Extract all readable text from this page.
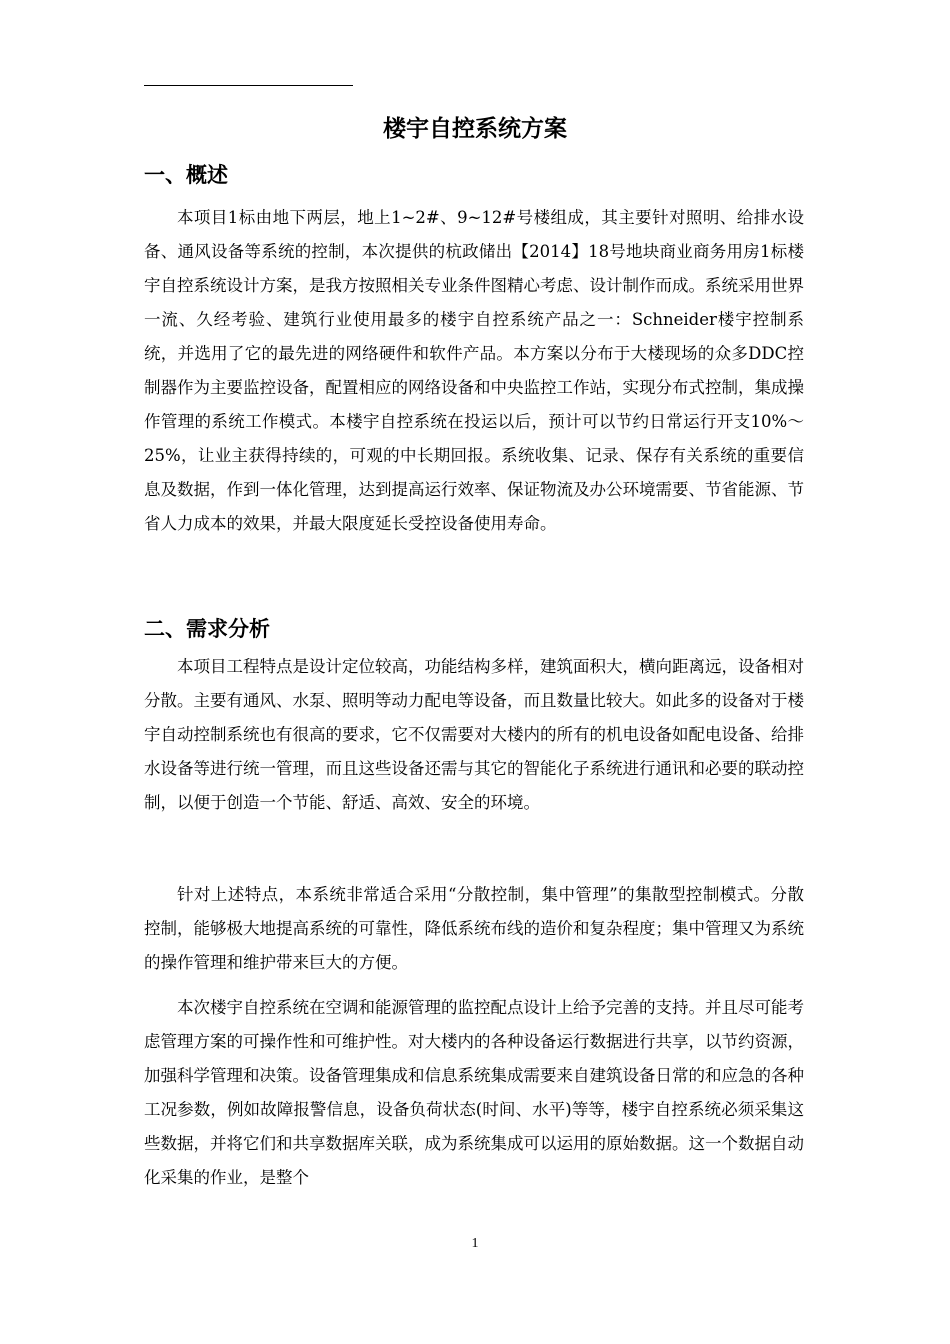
楼宇自控系统方案
一、概述

本项目1标由地下两层，地上1~2#、9~12#号楼组成，其主要针对照明、给排水设备、通风设备等系统的控制，本次提供的杭政储出【2014】18号地块商业商务用房1标楼宇自控系统设计方案，是我方按照相关专业条件图精心考虑、设计制作而成。系统采用世界一流、久经考验、建筑行业使用最多的楼宇自控系统产品之一：Schneider楼宇控制系统，并选用了它的最先进的网络硬件和软件产品。本方案以分布于大楼现场的众多DDC控制器作为主要监控设备，配置相应的网络设备和中央监控工作站，实现分布式控制，集成操作管理的系统工作模式。本楼宇自控系统在投运以后，预计可以节约日常运行开支10%～25%，让业主获得持续的，可观的中长期回报。系统收集、记录、保存有关系统的重要信息及数据，作到一体化管理，达到提高运行效率、保证物流及办公环境需要、节省能源、节省人力成本的效果，并最大限度延长受控设备使用寿命。

二、需求分析

本项目工程特点是设计定位较高，功能结构多样，建筑面积大，横向距离远，设备相对分散。主要有通风、水泵、照明等动力配电等设备，而且数量比较大。如此多的设备对于楼宇自动控制系统也有很高的要求，它不仅需要对大楼内的所有的机电设备如配电设备、给排水设备等进行统一管理，而且这些设备还需与其它的智能化子系统进行通讯和必要的联动控制，以便于创造一个节能、舒适、高效、安全的环境。

针对上述特点，本系统非常适合采用“分散控制，集中管理”的集散型控制模式。分散控制，能够极大地提高系统的可靠性，降低系统布线的造价和复杂程度；集中管理又为系统的操作管理和维护带来巨大的方便。

本次楼宇自控系统在空调和能源管理的监控配点设计上给予完善的支持。并且尽可能考虑管理方案的可操作性和可维护性。对大楼内的各种设备运行数据进行共享，以节约资源，加强科学管理和决策。设备管理集成和信息系统集成需要来自建筑设备日常的和应急的各种工况参数，例如故障报警信息，设备负荷状态(时间、水平)等等，楼宇自控系统必须采集这些数据，并将它们和共享数据库关联，成为系统集成可以运用的原始数据。这一个数据自动化采集的作业，是整个

1
